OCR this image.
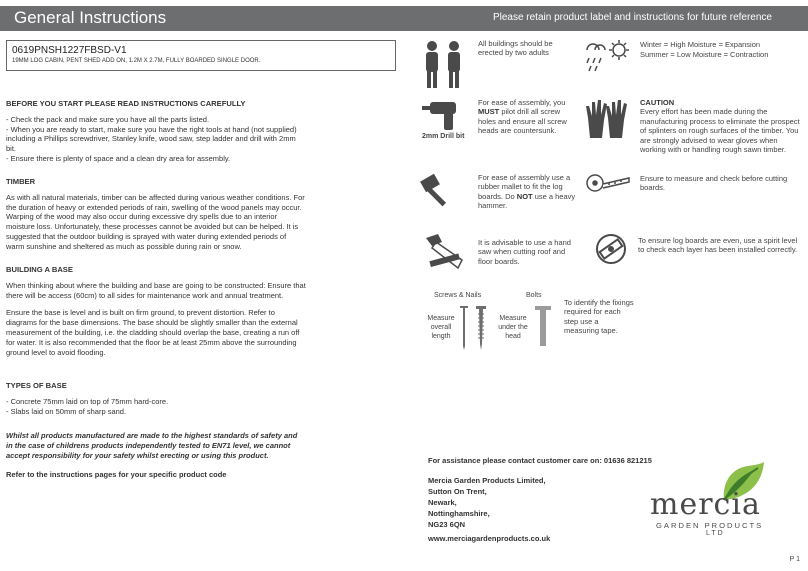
General Instructions	Please retain product label and instructions for future reference
0619PNSH1227FBSD-V1
19MM LOG CABIN, PENT SHED ADD ON, 1.2M X 2.7M, FULLY BOARDED SINGLE DOOR.
BEFORE YOU START PLEASE READ INSTRUCTIONS CAREFULLY

- Check the pack and make sure you have all the parts listed.

- When you are ready to start, make sure you have the right tools at hand (not supplied) including a Phillips screwdriver, Stanley knife, wood saw, step ladder and drill with 2mm bit.

- Ensure there is plenty of space and a clean dry area for assembly.

TIMBER

As with all natural materials, timber can be affected during various weather conditions. For the duration of heavy or extended periods of rain, swelling of the wood panels may occur. Warping of the wood may also occur during excessive dry spells due to an interior moisture loss. Unfortunately, these processes cannot be avoided but can be helped. It is suggested that the outdoor building is sprayed with water during extended periods of warm sunshine and sheltered as much as possible during rain or snow.

BUILDING A BASE

When thinking about where the building and base are going to be constructed: Ensure that there will be access (60cm) to all sides for maintenance work and annual treatment.

Ensure the base is level and is built on firm ground, to prevent distortion. Refer to diagrams for the base dimensions. The base should be slightly smaller than the external measurement of the building, i.e. the cladding should overlap the base, creating a run off for water. It is also recommended that the floor be at least 25mm above the surrounding ground level to avoid flooding.

TYPES OF BASE

- Concrete 75mm laid on top of 75mm hard-core.

- Slabs laid on 50mm of sharp sand.

Whilst all products manufactured are made to the highest standards of safety and in the case of childrens products independently tested to EN71 level, we cannot accept responsibility for your safety whilst erecting or using this product.
Refer to the instructions pages for your specific product code
All buildings should be erected by two adults
Winter = High Moisture = Expansion
Summer = Low Moisture = Contraction
2mm Drill bit
For ease of assembly, you MUST pilot drill all screw holes and ensure all screw heads are countersunk.
CAUTION
Every effort has been made during the manufacturing process to eliminate the prospect of splinters on rough surfaces of the timber. You are strongly advised to wear gloves when working with or handling rough sawn timber.
For ease of assembly use a rubber mallet to fit the log boards. Do NOT use a heavy hammer.
Ensure to measure and check before cutting boards.
It is advisable to use a hand saw when cutting roof and floor boards.
To ensure log boards are even, use a spirit level to check each layer has been installed correctly.
Screws & Nails	Bolts
Measure overall length
Measure under the head
To identify the fixings required for each step use a measuring tape.
For assistance please contact customer care on: 01636 821215
Mercia Garden Products Limited,
Sutton On Trent,
Newark,
Nottinghamshire,
NG23 6QN
www.merciagardenproducts.co.uk
mercia
GARDEN PRODUCTS
LTD
P 1
